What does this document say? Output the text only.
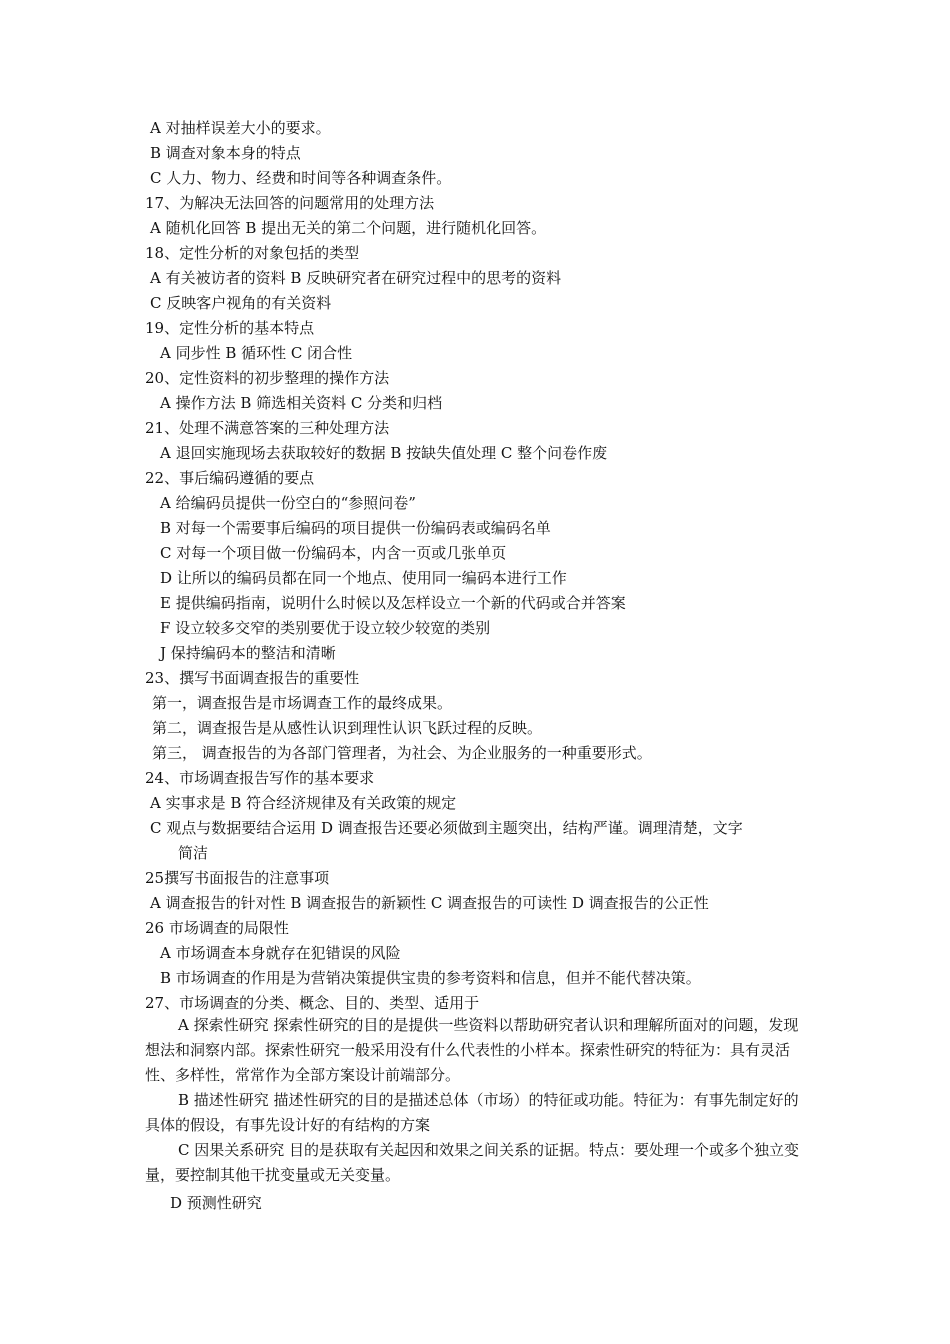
A 对抽样误差大小的要求。
B 调查对象本身的特点
C 人力、物力、经费和时间等各种调查条件。
17、为解决无法回答的问题常用的处理方法
A 随机化回答 B 提出无关的第二个问题，进行随机化回答。
18、定性分析的对象包括的类型
A 有关被访者的资料 B 反映研究者在研究过程中的思考的资料
C 反映客户视角的有关资料
19、定性分析的基本特点
A 同步性 B 循环性 C 闭合性
20、定性资料的初步整理的操作方法
A 操作方法 B 筛选相关资料 C 分类和归档
21、处理不满意答案的三种处理方法
A 退回实施现场去获取较好的数据 B 按缺失值处理 C 整个问卷作废
22、事后编码遵循的要点
A 给编码员提供一份空白的“参照问卷”
B 对每一个需要事后编码的项目提供一份编码表或编码名单
C 对每一个项目做一份编码本，内含一页或几张单页
D 让所以的编码员都在同一个地点、使用同一编码本进行工作
E 提供编码指南，说明什么时候以及怎样设立一个新的代码或合并答案
F 设立较多交窄的类别要优于设立较少较宽的类别
J 保持编码本的整洁和清晰
23、撰写书面调查报告的重要性
第一，调查报告是市场调查工作的最终成果。
第二，调查报告是从感性认识到理性认识飞跃过程的反映。
第三， 调查报告的为各部门管理者，为社会、为企业服务的一种重要形式。
24、市场调查报告写作的基本要求
A 实事求是 B 符合经济规律及有关政策的规定
C 观点与数据要结合运用 D 调查报告还要必须做到主题突出，结构严谨。调理清楚，文字
简洁
25撰写书面报告的注意事项
A 调查报告的针对性 B 调查报告的新颖性 C 调查报告的可读性 D 调查报告的公正性
26 市场调查的局限性
A 市场调查本身就存在犯错误的风险
B 市场调查的作用是为营销决策提供宝贵的参考资料和信息，但并不能代替决策。
27、市场调查的分类、概念、目的、类型、适用于
A 探索性研究 探索性研究的目的是提供一些资料以帮助研究者认识和理解所面对的问题，发现想法和洞察内部。探索性研究一般采用没有什么代表性的小样本。探索性研究的特征为：具有灵活性、多样性，常常作为全部方案设计前端部分。
B 描述性研究 描述性研究的目的是描述总体（市场）的特征或功能。特征为：有事先制定好的具体的假设，有事先设计好的有结构的方案
C 因果关系研究 目的是获取有关起因和效果之间关系的证据。特点：要处理一个或多个独立变量，要控制其他干扰变量或无关变量。
D 预测性研究
